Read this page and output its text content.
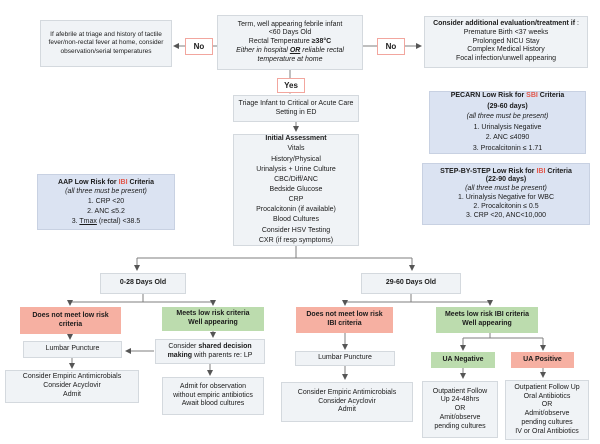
If afebrile at triage and history of tactile fever/non-rectal fever at home, consider observation/serial temperatures
Term, well appearing febrile infant
<60 Days Old
Rectal Temperature ≥38°C
Either in hospital OR reliable rectal temperature at home
Consider additional evaluation/treatment if :
Premature Birth <37 weeks
Prolonged NICU Stay
Complex Medical History
Focal infection/unwell appearing
No	No
Yes
Triage Infant to Critical or Acute Care Setting in ED
Initial Assessment
Vitals
History/Physical
Urinalysis + Urine Culture
CBC/Diff/ANC
Bedside Glucose
CRP
Procalcitonin (if available)
Blood Cultures
Consider HSV Testing
CXR (if resp symptoms)
PECARN Low Risk for SBI Criteria
(29-60 days)
(all three must be present)
1. Urinalysis Negative
2. ANC ≤4090
3. Procalcitonin ≤ 1.71
STEP-BY-STEP Low Risk for IBI Criteria
(22-90 days)
(all three must be present)
1. Urinalysis Negative for WBC
2. Procalcitonin ≤ 0.5
3. CRP <20, ANC<10,000
AAP Low Risk for IBI Criteria
(all three must be present)
1. CRP <20
2. ANC ≤5.2
3. Tmax (rectal) <38.5
0-28 Days Old	29-60 Days Old
Does not meet low risk criteria
Meets low risk criteria
Well appearing
Lumbar Puncture
Consider Empiric Antimicrobials
Consider Acyclovir
Admit
Consider shared decision making with parents re: LP
Admit for observation
without empiric antibiotics
Await blood cultures
Does not meet low risk
IBI criteria
Meets low risk IBI criteria
Well appearing
Lumbar Puncture
Consider Empiric Antimicrobials
Consider Acyclovir
Admit
UA Negative	UA Positive
Outpatient Follow
Up 24-48hrs
OR
Amit/observe
pending cultures
Outpatient Follow Up
Oral Antibiotics
OR
Admit/observe
pending cultures
IV or Oral Antibiotics
